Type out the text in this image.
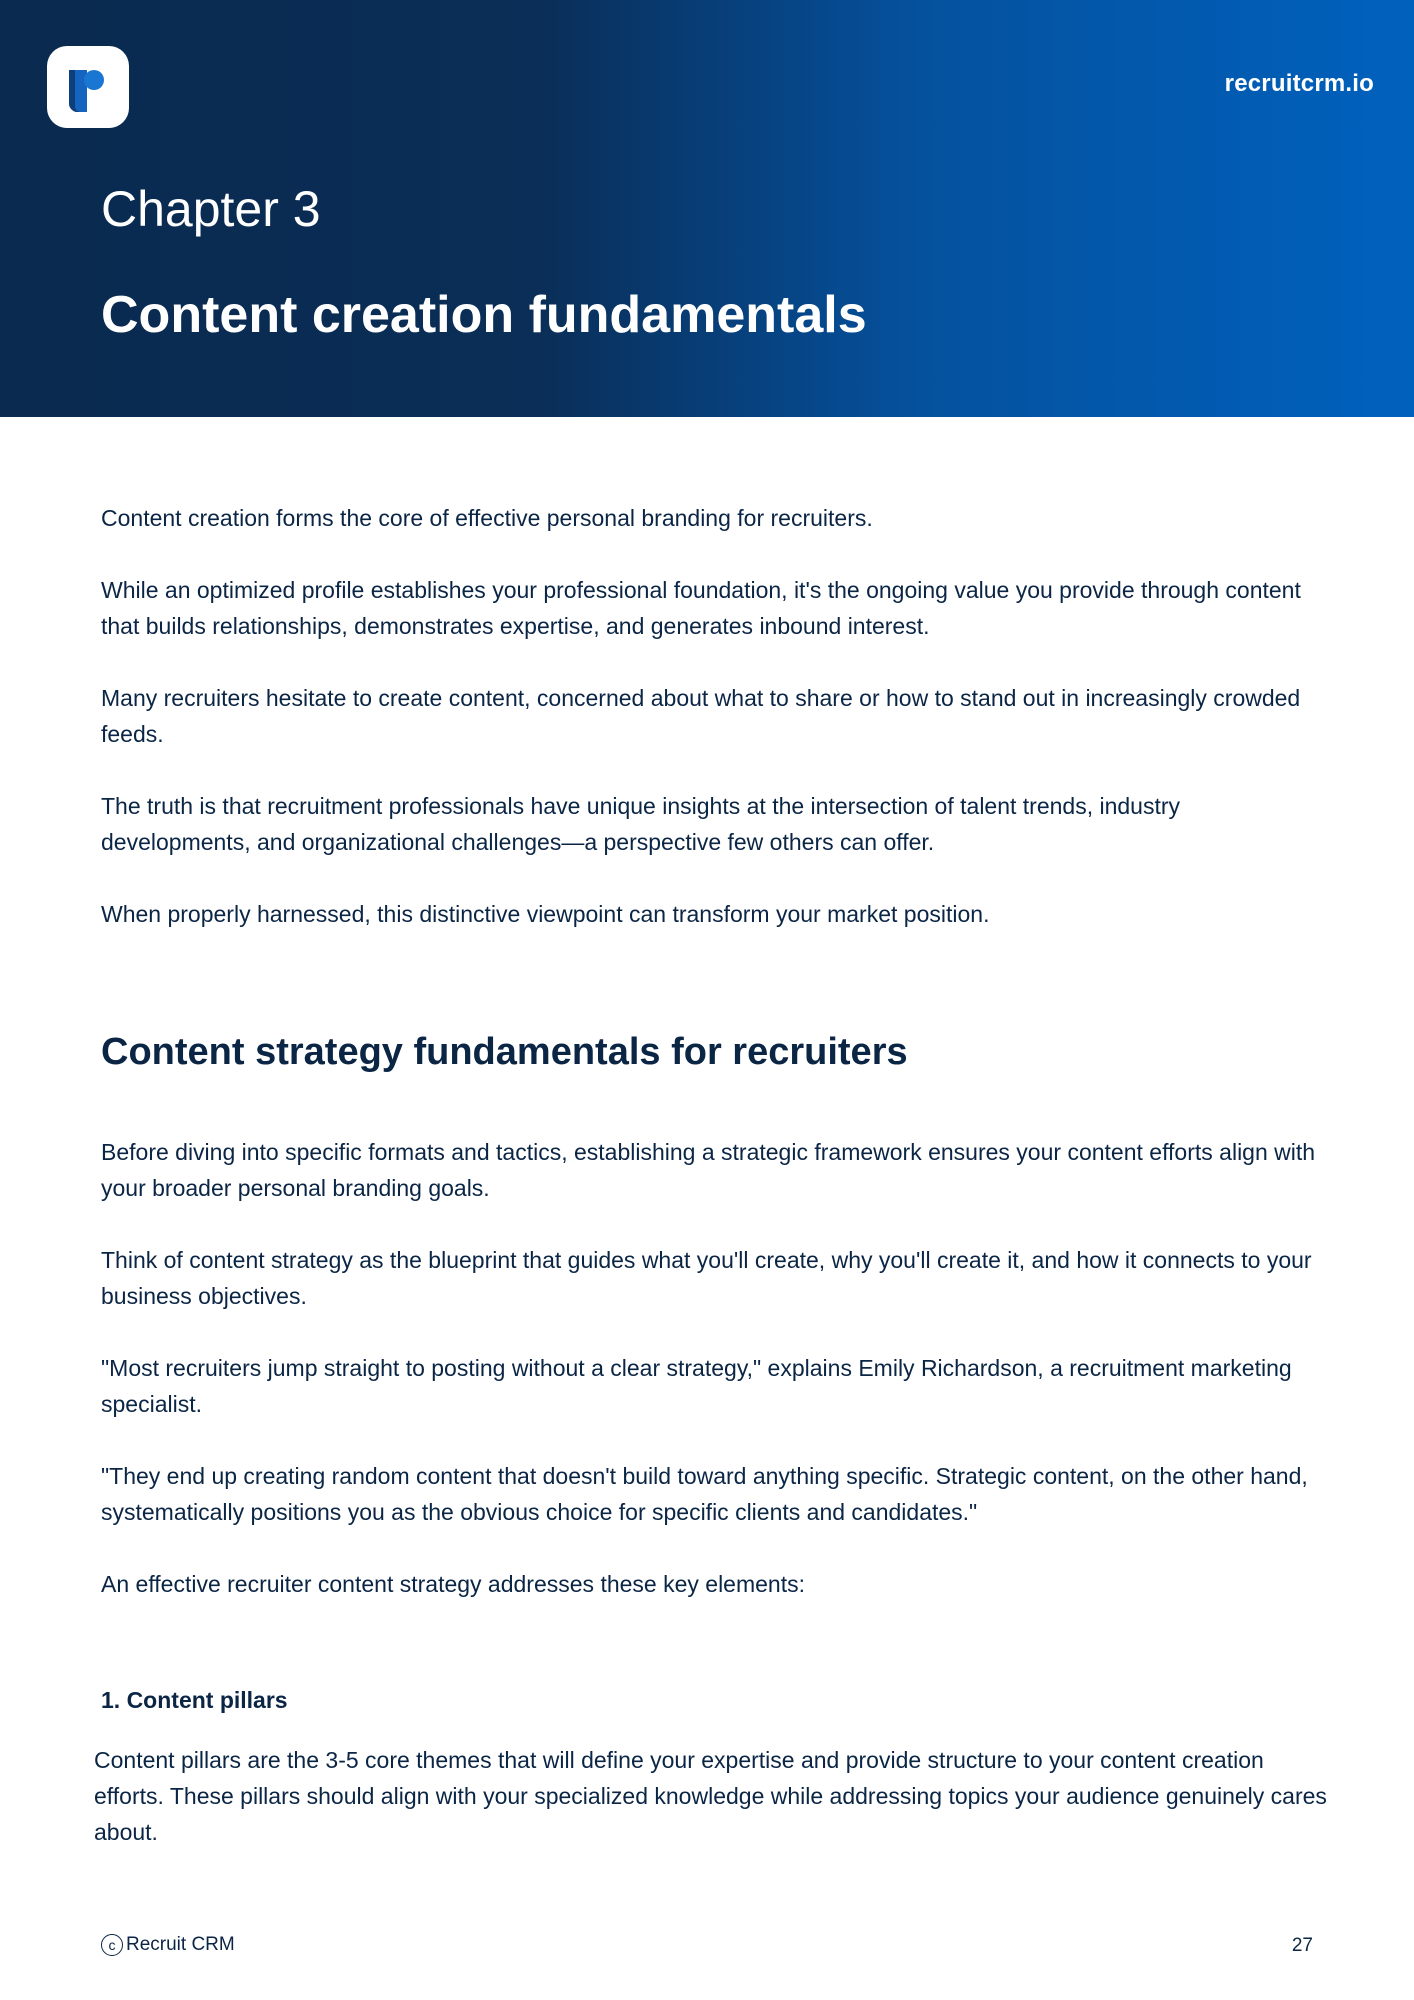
recruitcrm.io
Chapter 3
Content creation fundamentals

Content creation forms the core of effective personal branding for recruiters.

While an optimized profile establishes your professional foundation, it's the ongoing value you provide through content that builds relationships, demonstrates expertise, and generates inbound interest.

Many recruiters hesitate to create content, concerned about what to share or how to stand out in increasingly crowded feeds.

The truth is that recruitment professionals have unique insights at the intersection of talent trends, industry developments, and organizational challenges—a perspective few others can offer.

When properly harnessed, this distinctive viewpoint can transform your market position.

Content strategy fundamentals for recruiters

Before diving into specific formats and tactics, establishing a strategic framework ensures your content efforts align with your broader personal branding goals.

Think of content strategy as the blueprint that guides what you'll create, why you'll create it, and how it connects to your business objectives.

"Most recruiters jump straight to posting without a clear strategy," explains Emily Richardson, a recruitment marketing specialist.

"They end up creating random content that doesn't build toward anything specific. Strategic content, on the other hand, systematically positions you as the obvious choice for specific clients and candidates."

An effective recruiter content strategy addresses these key elements:

1. Content pillars

Content pillars are the 3-5 core themes that will define your expertise and provide structure to your content creation efforts. These pillars should align with your specialized knowledge while addressing topics your audience genuinely cares about.

c Recruit CRM	27
